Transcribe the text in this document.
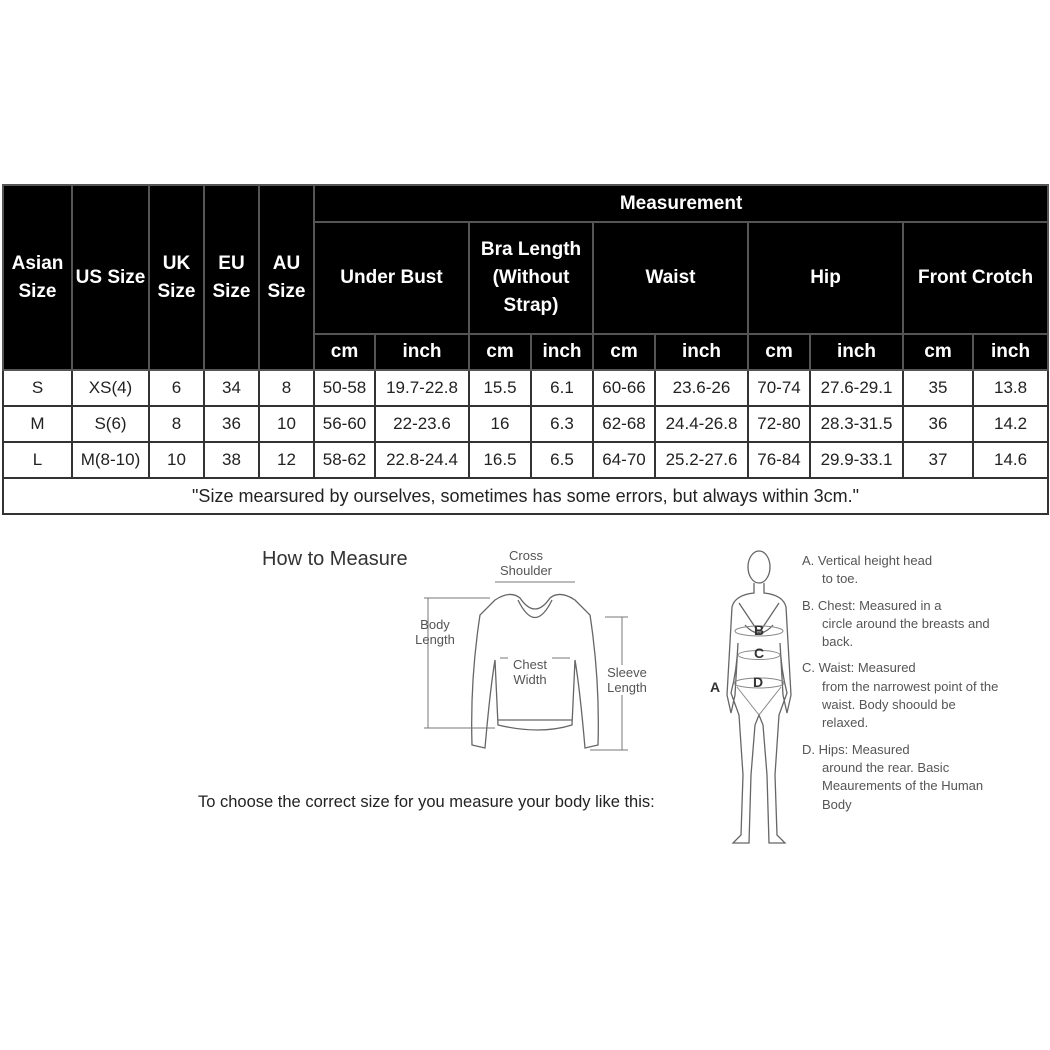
Asian Size	US Size	UK Size	EU Size	AU Size	Measurement									
					Under Bust		Bra Length (Without Strap)		Waist		Hip		Front Crotch	
					cm	inch	cm	inch	cm	inch	cm	inch	cm	inch
S	XS(4)	6	34	8	50-58	19.7-22.8	15.5	6.1	60-66	23.6-26	70-74	27.6-29.1	35	13.8
M	S(6)	8	36	10	56-60	22-23.6	16	6.3	62-68	24.4-26.8	72-80	28.3-31.5	36	14.2
L	M(8-10)	10	38	12	58-62	22.8-24.4	16.5	6.5	64-70	25.2-27.6	76-84	29.9-33.1	37	14.6
"Size mearsured by ourselves, sometimes has some errors, but always within 3cm."														
How to Measure	Cross Shoulder
Body Length
Chest Width	Sleeve Length	A
B
C
D

A. Vertical height head
to toe.

B. Chest: Measured in a
circle around the breasts and back.

C. Waist: Measured
from the narrowest point of the waist. Body shoould be relaxed.

D. Hips: Measured
around the rear. Basic Meaurements of the Human Body

To choose the correct size for you measure your body like this:
